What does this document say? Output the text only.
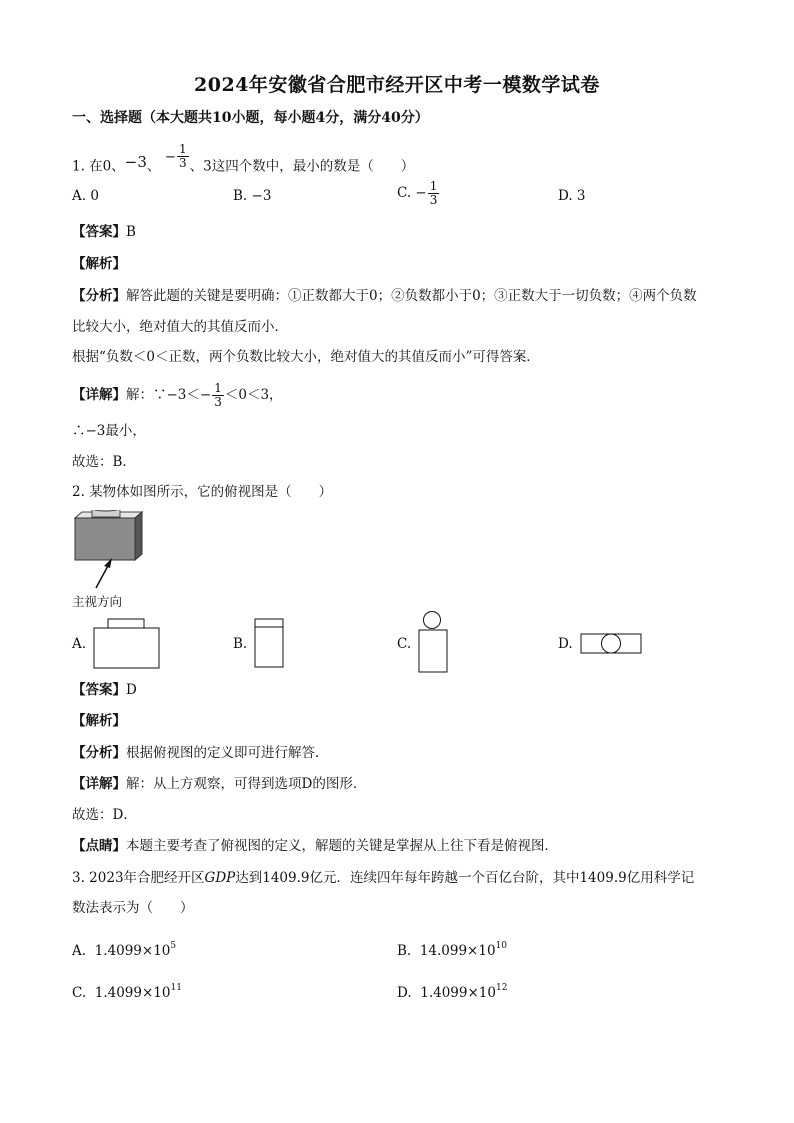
2024年安徽省合肥市经开区中考一模数学试卷
一、选择题（本大题共10小题，每小题4分，满分40分）
1. 在0、−3、
− $\frac{1}{3}$ 、3这四个数中，最小的数是（　　）
A. 0	B. −3	C. − $\frac{1}{3}$	D. 3
【答案】B
【解析】
【分析】解答此题的关键是要明确：①正数都大于0；②负数都小于0；③正数大于一切负数；④两个负数
比较大小，绝对值大的其值反而小．
根据“负数＜0＜正数，两个负数比较大小，绝对值大的其值反而小”可得答案．
【详解】解：∵−3＜− $\frac{1}{3} <0<3$，
∴−3最小，
故选：B．
2. 某物体如图所示，它的俯视图是（　　）
主视方向
A.	B.	C.	D.
【答案】D
【解析】
【分析】根据俯视图的定义即可进行解答．
【详解】解：从上方观察，可得到选项D的图形．
故选：D．
【点睛】本题主要考查了俯视图的定义，解题的关键是掌握从上往下看是俯视图．
3. 2023年合肥经开区GDP达到1409.9亿元．连续四年每年跨越一个百亿台阶，其中1409.9亿用科学记
数法表示为（　　）
A. $1.4099\times 10^5$	B. $14.099\times 10^{10}$
C. $1.4099\times 10^{11}$	D. $1.4099\times 10^{12}$
